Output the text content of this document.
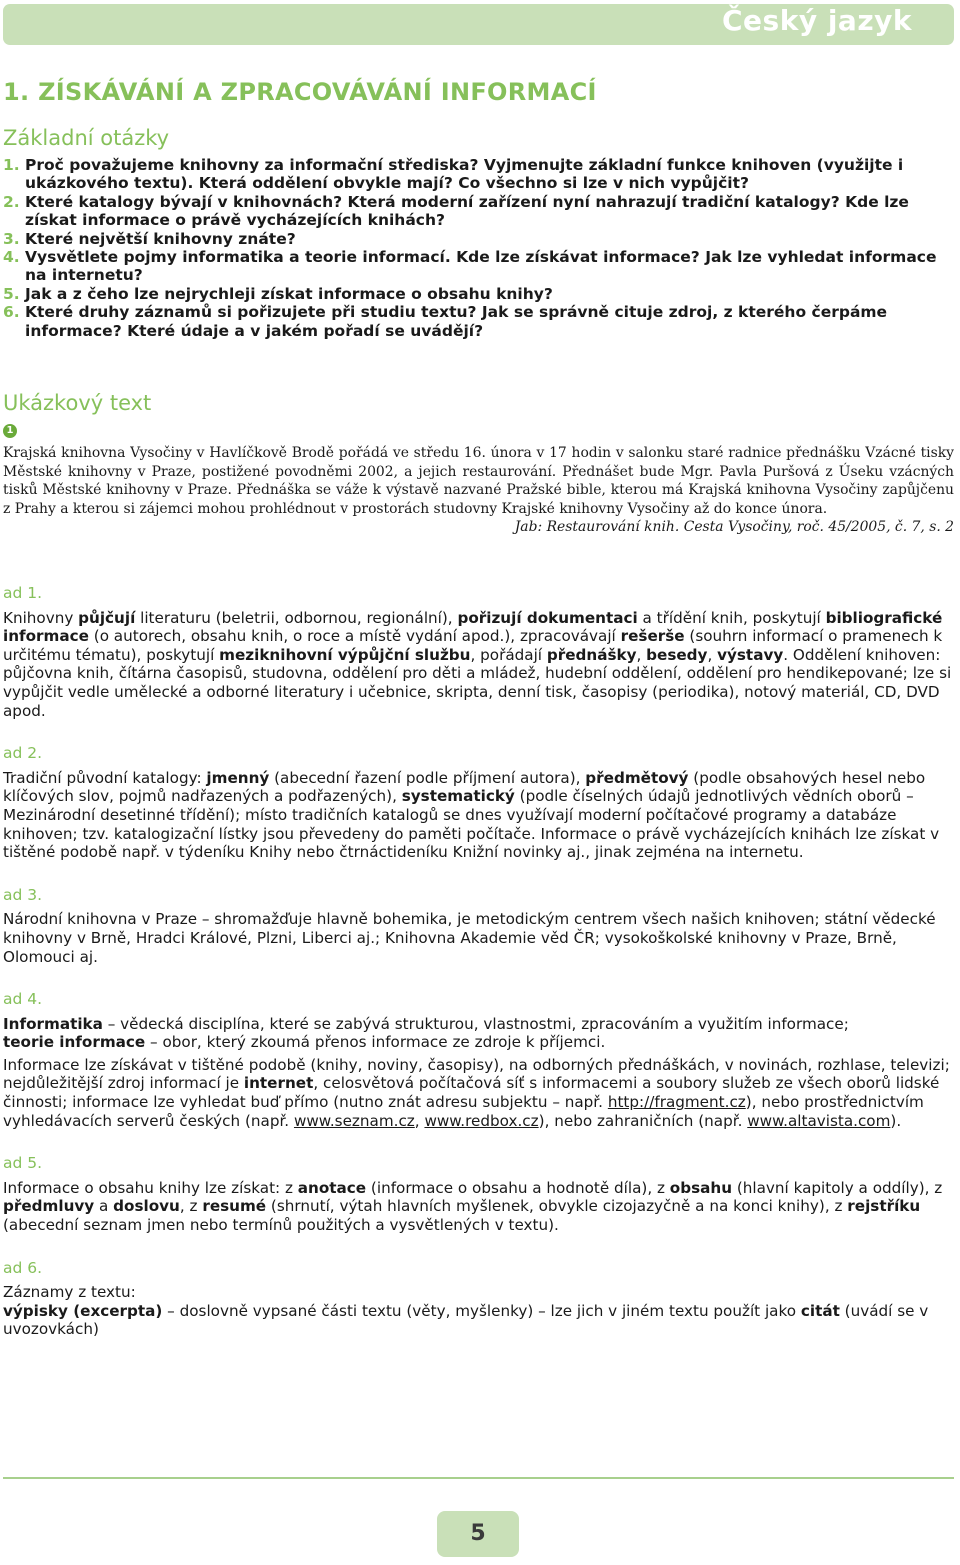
Český jazyk
1. ZÍSKÁVÁNÍ A ZPRACOVÁVÁNÍ INFORMACÍ
Základní otázky
1. Proč považujeme knihovny za informační střediska? Vyjmenujte základní funkce knihoven (využijte i ukázkového textu). Která oddělení obvykle mají? Co všechno si lze v nich vypůjčit?
2. Které katalogy bývají v knihovnách? Která moderní zařízení nyní nahrazují tradiční katalogy? Kde lze získat informace o právě vycházejících knihách?
3. Které největší knihovny znáte?
4. Vysvětlete pojmy informatika a teorie informací. Kde lze získávat informace? Jak lze vyhledat informace na internetu?
5. Jak a z čeho lze nejrychleji získat informace o obsahu knihy?
6. Které druhy záznamů si pořizujete při studiu textu? Jak se správně cituje zdroj, z kterého čerpáme informace? Které údaje a v jakém pořadí se uvádějí?
Ukázkový text
1

Krajská knihovna Vysočiny v Havlíčkově Brodě pořádá ve středu 16. února v 17 hodin v salonku staré radnice přednášku Vzácné tisky Městské knihovny v Praze, postižené povodněmi 2002, a jejich restaurování. Přednášet bude Mgr. Pavla Puršová z Úseku vzácných tisků Městské knihovny v Praze. Přednáška se váže k výstavě nazvané Pražské bible, kterou má Krajská knihovna Vysočiny zapůjčenu z Prahy a kterou si zájemci mohou prohlédnout v prostorách studovny Krajské knihovny Vysočiny až do konce února.

Jab: Restaurování knih. Cesta Vysočiny, roč. 45/2005, č. 7, s. 2
ad 1.

Knihovny půjčují literaturu (beletrii, odbornou, regionální), pořizují dokumentaci a třídění knih, poskytují bibliografické informace (o autorech, obsahu knih, o roce a místě vydání apod.), zpracovávají rešerše (souhrn informací o pramenech k určitému tématu), poskytují meziknihovní výpůjční službu, pořádají přednášky, besedy, výstavy. Oddělení knihoven: půjčovna knih, čítárna časopisů, studovna, oddělení pro děti a mládež, hudební oddělení, oddělení pro hendikepované; lze si vypůjčit vedle umělecké a odborné literatury i učebnice, skripta, denní tisk, časopisy (periodika), notový materiál, CD, DVD apod.

ad 2.

Tradiční původní katalogy: jmenný (abecední řazení podle příjmení autora), předmětový (podle obsahových hesel nebo klíčových slov, pojmů nadřazených a podřazených), systematický (podle číselných údajů jednotlivých vědních oborů – Mezinárodní desetinné třídění); místo tradičních katalogů se dnes využívají moderní počítačové programy a databáze knihoven; tzv. katalogizační lístky jsou převedeny do paměti počítače. Informace o právě vycházejících knihách lze získat v tištěné podobě např. v týdeníku Knihy nebo čtrnáctideníku Knižní novinky aj., jinak zejména na internetu.

ad 3.

Národní knihovna v Praze – shromažďuje hlavně bohemika, je metodickým centrem všech našich knihoven; státní vědecké knihovny v Brně, Hradci Králové, Plzni, Liberci aj.; Knihovna Akademie věd ČR; vysokoškolské knihovny v Praze, Brně, Olomouci aj.

ad 4.

Informatika – vědecká disciplína, které se zabývá strukturou, vlastnostmi, zpracováním a využitím informace;
teorie informace – obor, který zkoumá přenos informace ze zdroje k příjemci.

Informace lze získávat v tištěné podobě (knihy, noviny, časopisy), na odborných přednáškách, v novinách, rozhlase, televizi; nejdůležitější zdroj informací je internet, celosvětová počítačová síť s informacemi a soubory služeb ze všech oborů lidské činnosti; informace lze vyhledat buď přímo (nutno znát adresu subjektu – např. http://fragment.cz), nebo prostřednictvím vyhledávacích serverů českých (např. www.seznam.cz, www.redbox.cz), nebo zahraničních (např. www.altavista.com).

ad 5.

Informace o obsahu knihy lze získat: z anotace (informace o obsahu a hodnotě díla), z obsahu (hlavní kapitoly a oddíly), z předmluvy a doslovu, z resumé (shrnutí, výtah hlavních myšlenek, obvykle cizojazyčně a na konci knihy), z rejstříku (abecední seznam jmen nebo termínů použitých a vysvětlených v textu).

ad 6.

Záznamy z textu:

výpisky (excerpta) – doslovně vypsané části textu (věty, myšlenky) – lze jich v jiném textu použít jako citát (uvádí se v uvozovkách)

5
